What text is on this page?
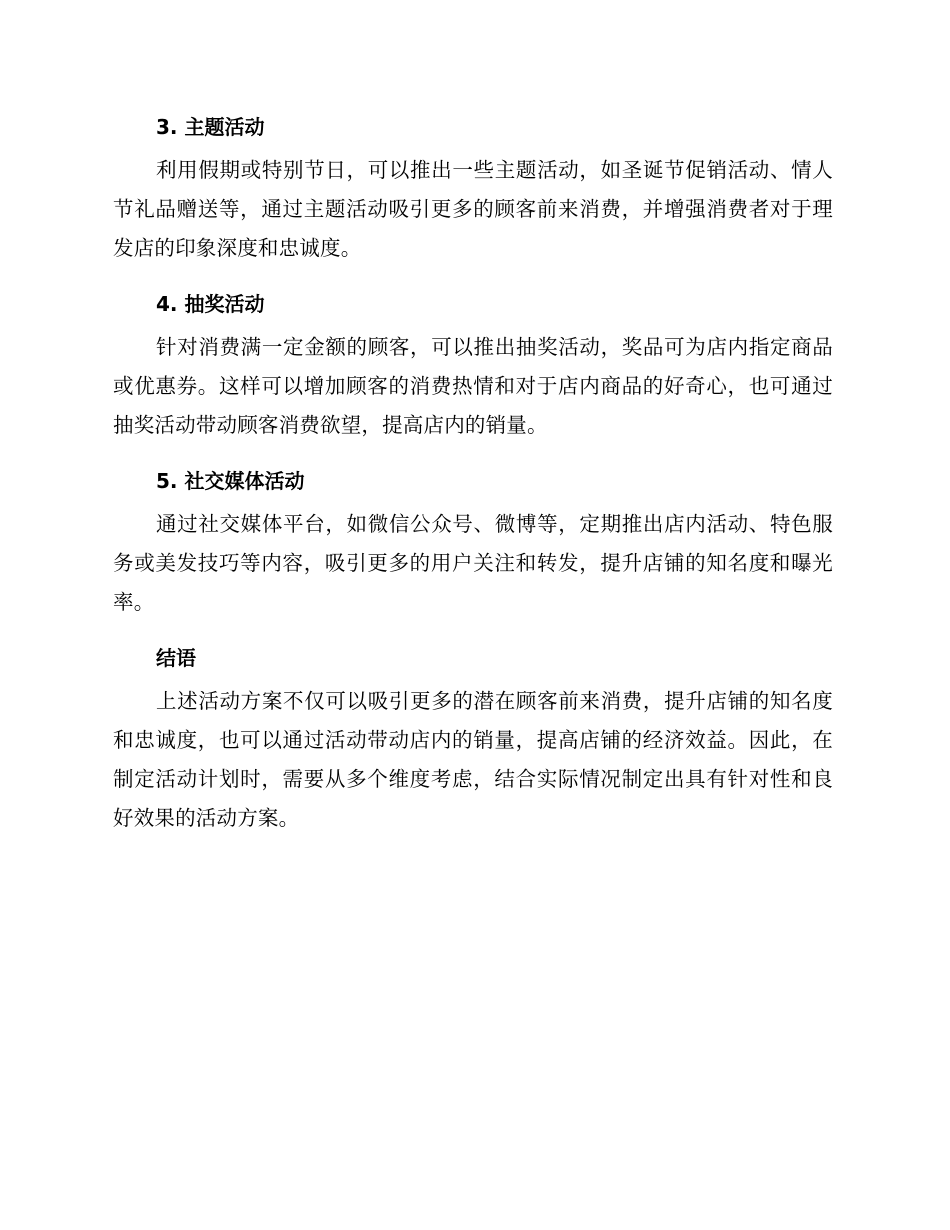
3. 主题活动

利用假期或特别节日，可以推出一些主题活动，如圣诞节促销活动、情人节礼品赠送等，通过主题活动吸引更多的顾客前来消费，并增强消费者对于理发店的印象深度和忠诚度。

4. 抽奖活动

针对消费满一定金额的顾客，可以推出抽奖活动，奖品可为店内指定商品或优惠券。这样可以增加顾客的消费热情和对于店内商品的好奇心，也可通过抽奖活动带动顾客消费欲望，提高店内的销量。

5. 社交媒体活动

通过社交媒体平台，如微信公众号、微博等，定期推出店内活动、特色服务或美发技巧等内容，吸引更多的用户关注和转发，提升店铺的知名度和曝光率。

结语

上述活动方案不仅可以吸引更多的潜在顾客前来消费，提升店铺的知名度和忠诚度，也可以通过活动带动店内的销量，提高店铺的经济效益。因此，在制定活动计划时，需要从多个维度考虑，结合实际情况制定出具有针对性和良好效果的活动方案。
